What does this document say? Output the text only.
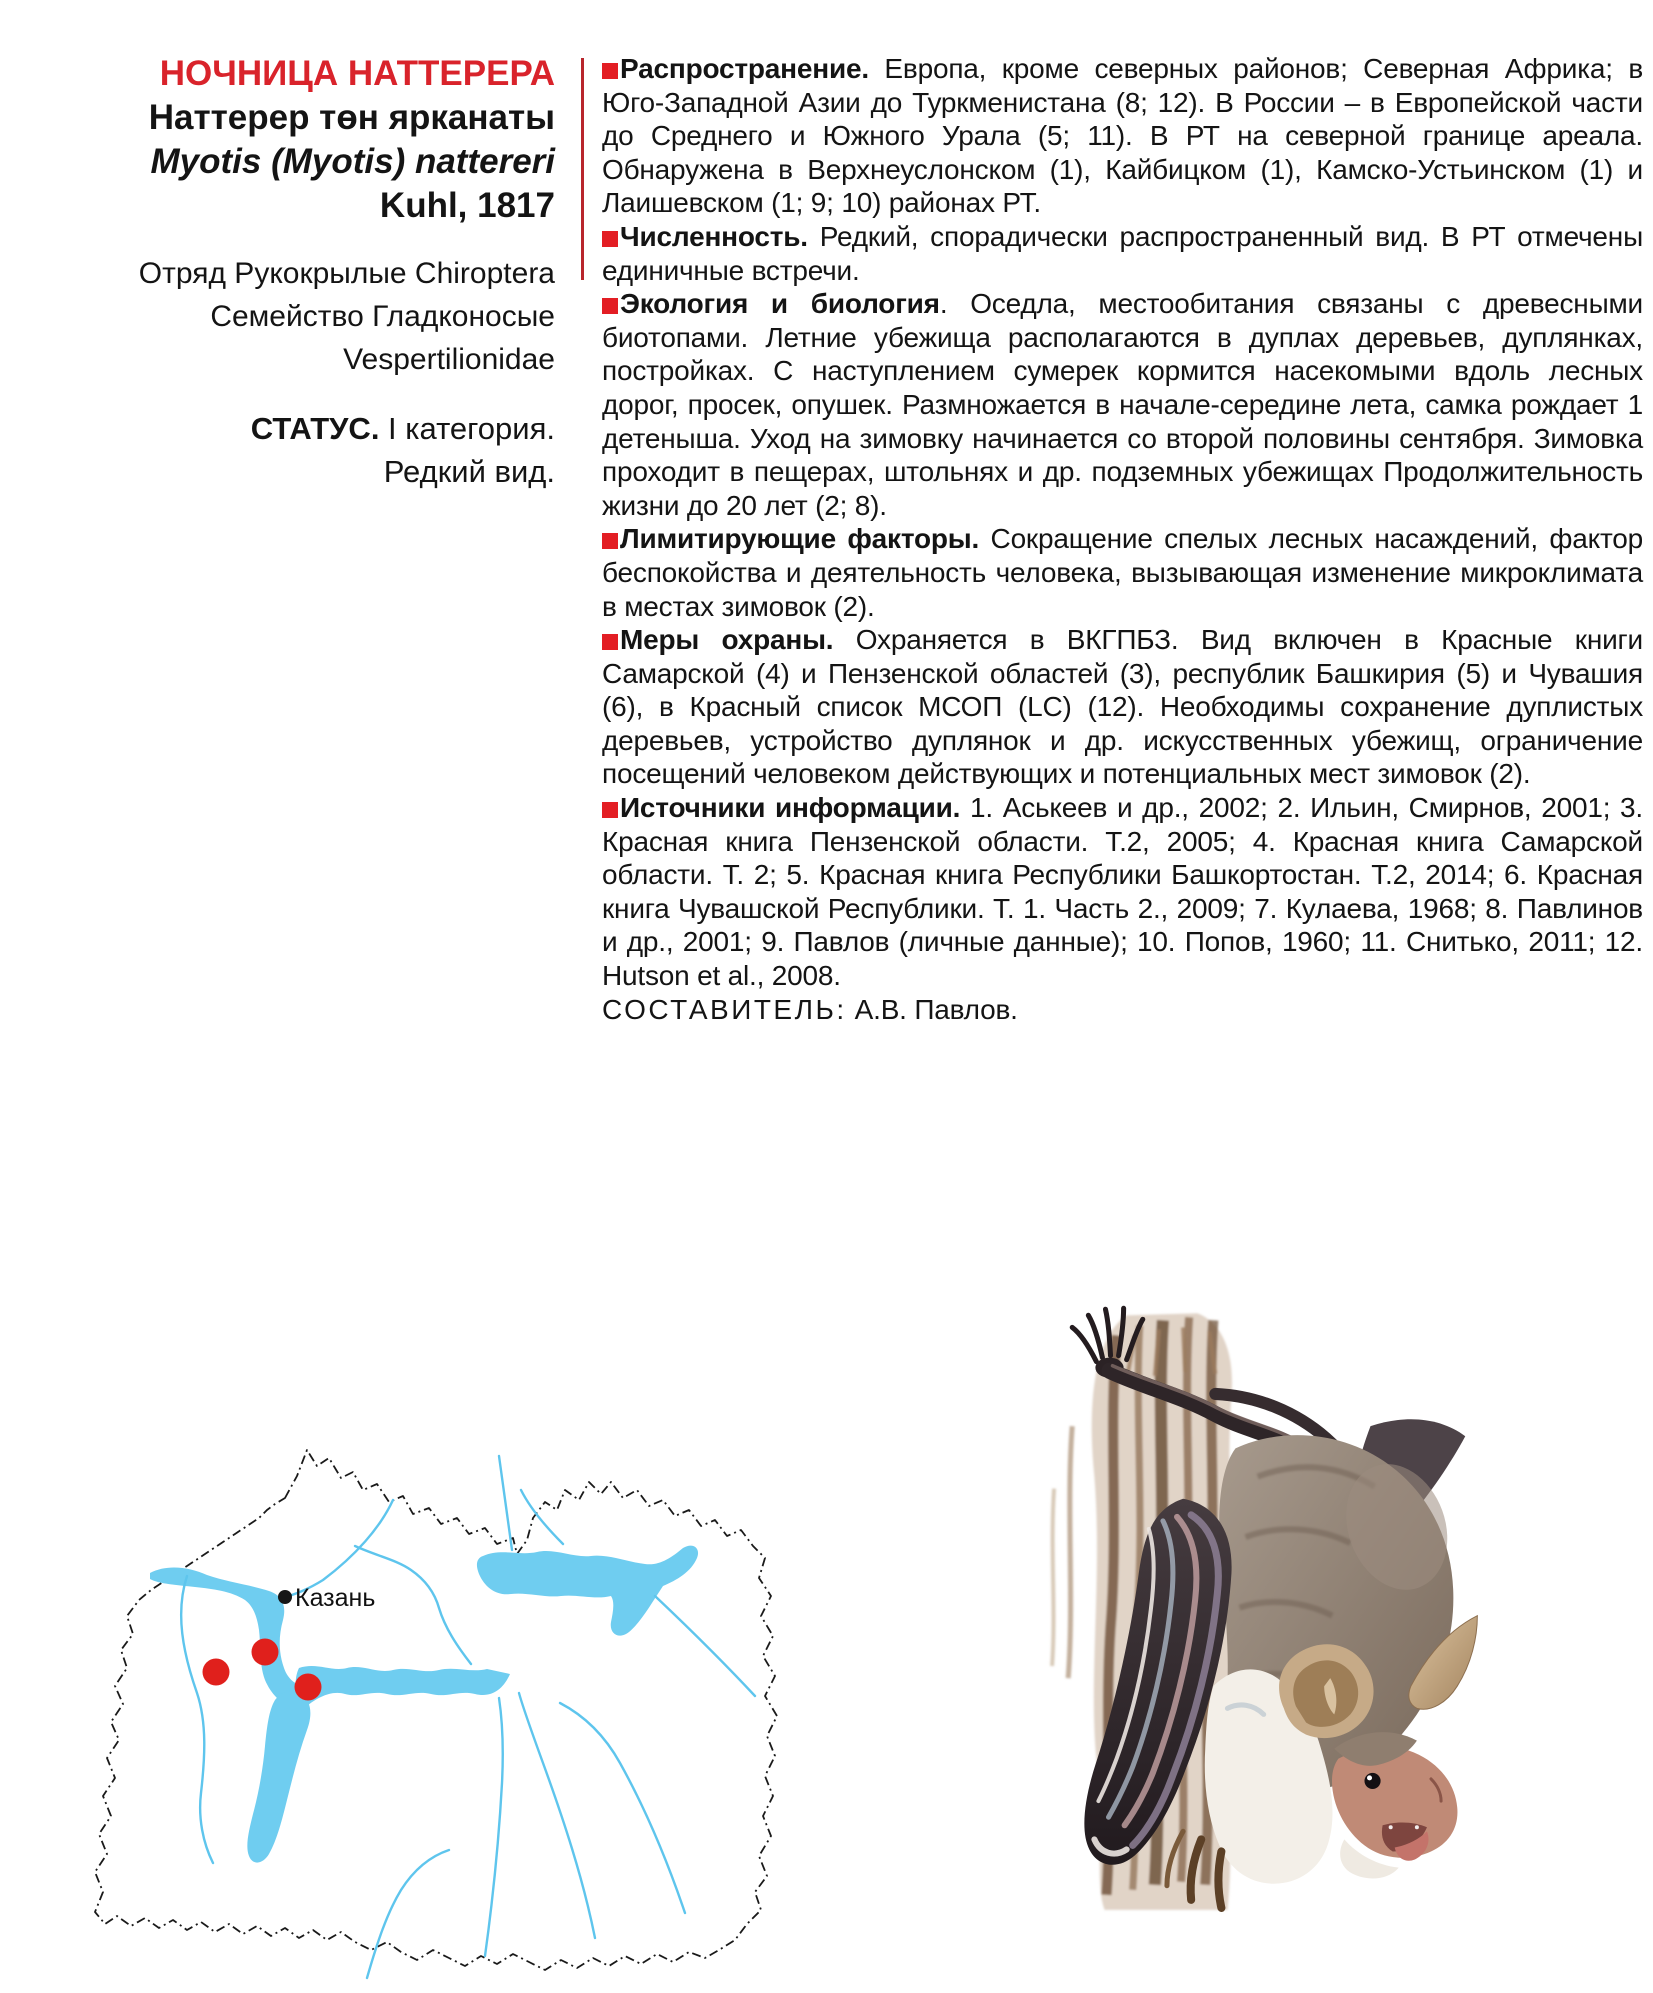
НОЧНИЦА НАТТЕРЕРА
Наттерер төн ярканаты
Myotis (Myotis) nattereri
Kuhl, 1817
Отряд Рукокрылые Chiroptera
Семейство Гладконосые
Vespertilionidae
СТАТУС. I категория.
Редкий вид.

Распространение. Европа, кроме северных районов; Северная Африка; в Юго-Западной Азии до Туркменистана (8; 12). В России – в Европейской части до Среднего и Южного Урала (5; 11). В РТ на северной границе ареала. Обнаружена в Верхнеуслонском (1), Кайбицком (1), Камско-Устьинском (1) и Лаишевском (1; 9; 10) районах РТ.

Численность. Редкий, спорадически распространенный вид. В РТ отмечены единичные встречи.

Экология и биология. Оседла, местообитания связаны с древесными биотопами. Летние убежища располагаются в дуплах деревьев, дуплянках, постройках. С наступлением сумерек кормится насекомыми вдоль лесных дорог, просек, опушек. Размножается в начале-середине лета, самка рождает 1 детеныша. Уход на зимовку начинается со второй половины сентября. Зимовка проходит в пещерах, штольнях и др. подземных убежищах Продолжительность жизни до 20 лет (2; 8).

Лимитирующие факторы. Сокращение спелых лесных насаждений, фактор беспокойства и деятельность человека, вызывающая изменение микроклимата в местах зимовок (2).

Меры охраны. Охраняется в ВКГПБЗ. Вид включен в Красные книги Самарской (4) и Пензенской областей (3), республик Башкирия (5) и Чувашия (6), в Красный список МСОП (LC) (12). Необходимы сохранение дуплистых деревьев, устройство дуплянок и др. искусственных убежищ, ограничение посещений человеком действующих и потенциальных мест зимовок (2).

Источники информации. 1. Аськеев и др., 2002; 2. Ильин, Смирнов, 2001; 3. Красная книга Пензенской области. Т.2, 2005; 4. Красная книга Самарской области. Т. 2; 5. Красная книга Республики Башкортостан. Т.2, 2014; 6. Красная книга Чувашской Республики. Т. 1. Часть 2., 2009; 7. Кулаева, 1968; 8. Павлинов и др., 2001; 9. Павлов (личные данные); 10. Попов, 1960; 11. Снитько, 2011; 12. Hutson et al., 2008.

СОСТАВИТЕЛЬ: А.В. Павлов.

Казань
